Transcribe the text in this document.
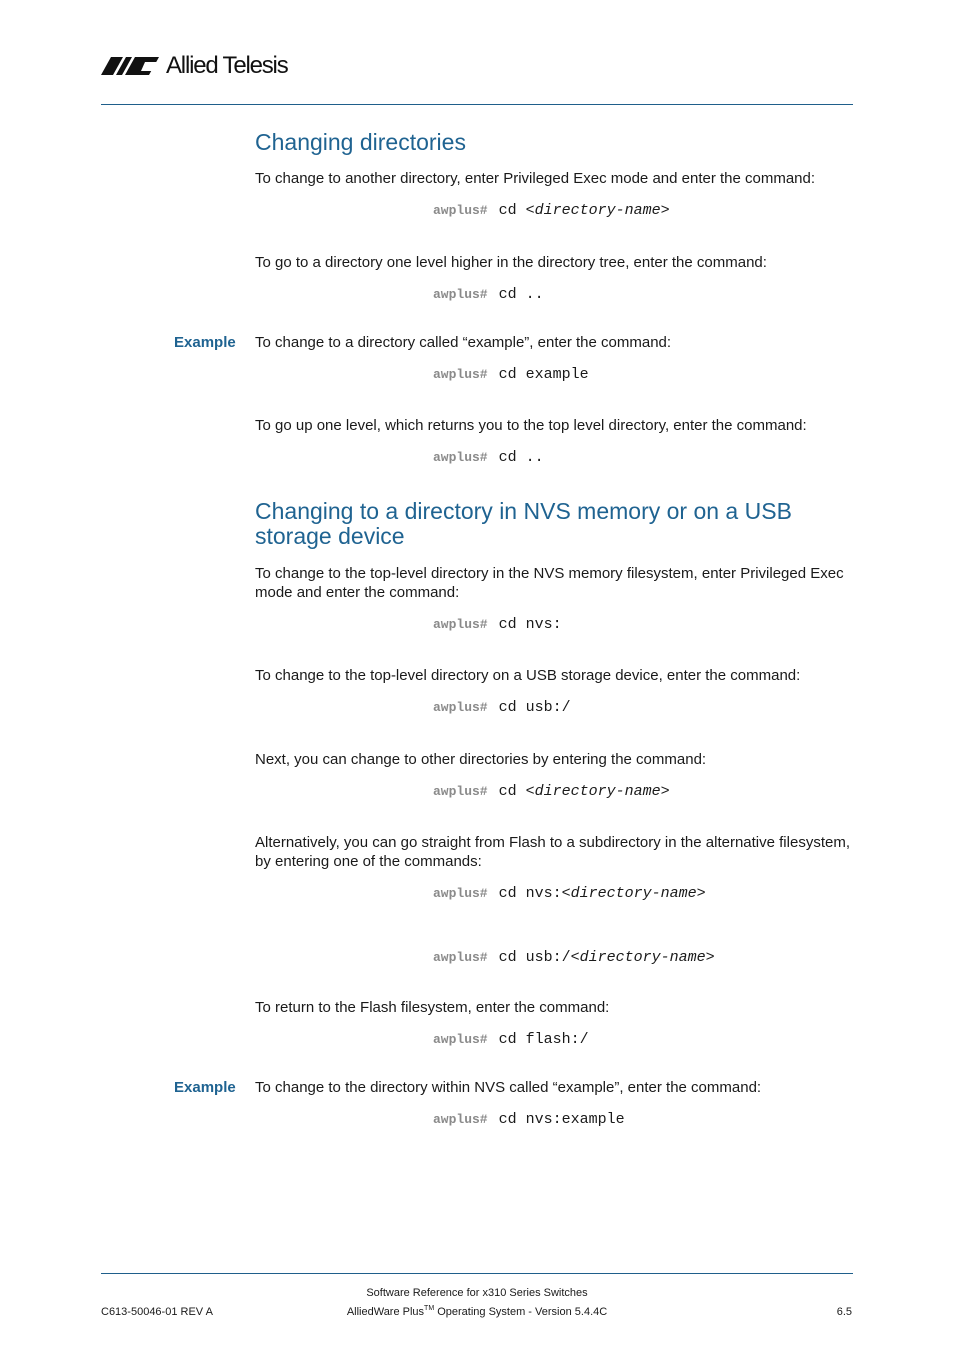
Allied Telesis
Changing directories
To change to another directory, enter Privileged Exec mode and enter the command:
awplus# cd <directory-name>
To go to a directory one level higher in the directory tree, enter the command:
awplus# cd ..
Example To change to a directory called “example”, enter the command:
awplus# cd example
To go up one level, which returns you to the top level directory, enter the command:
awplus# cd ..
Changing to a directory in NVS memory or on a USB storage device
To change to the top-level directory in the NVS memory filesystem, enter Privileged Exec mode and enter the command:
awplus# cd nvs:
To change to the top-level directory on a USB storage device, enter the command:
awplus# cd usb:/
Next, you can change to other directories by entering the command:
awplus# cd <directory-name>
Alternatively, you can go straight from Flash to a subdirectory in the alternative filesystem, by entering one of the commands:
awplus# cd nvs:<directory-name>
awplus# cd usb:/<directory-name>
To return to the Flash filesystem, enter the command:
awplus# cd flash:/
Example To change to the directory within NVS called “example”, enter the command:
awplus# cd nvs:example
Software Reference for x310 Series Switches
C613-50046-01 REV A	AlliedWare Plus™ Operating System - Version 5.4.4C	6.5
